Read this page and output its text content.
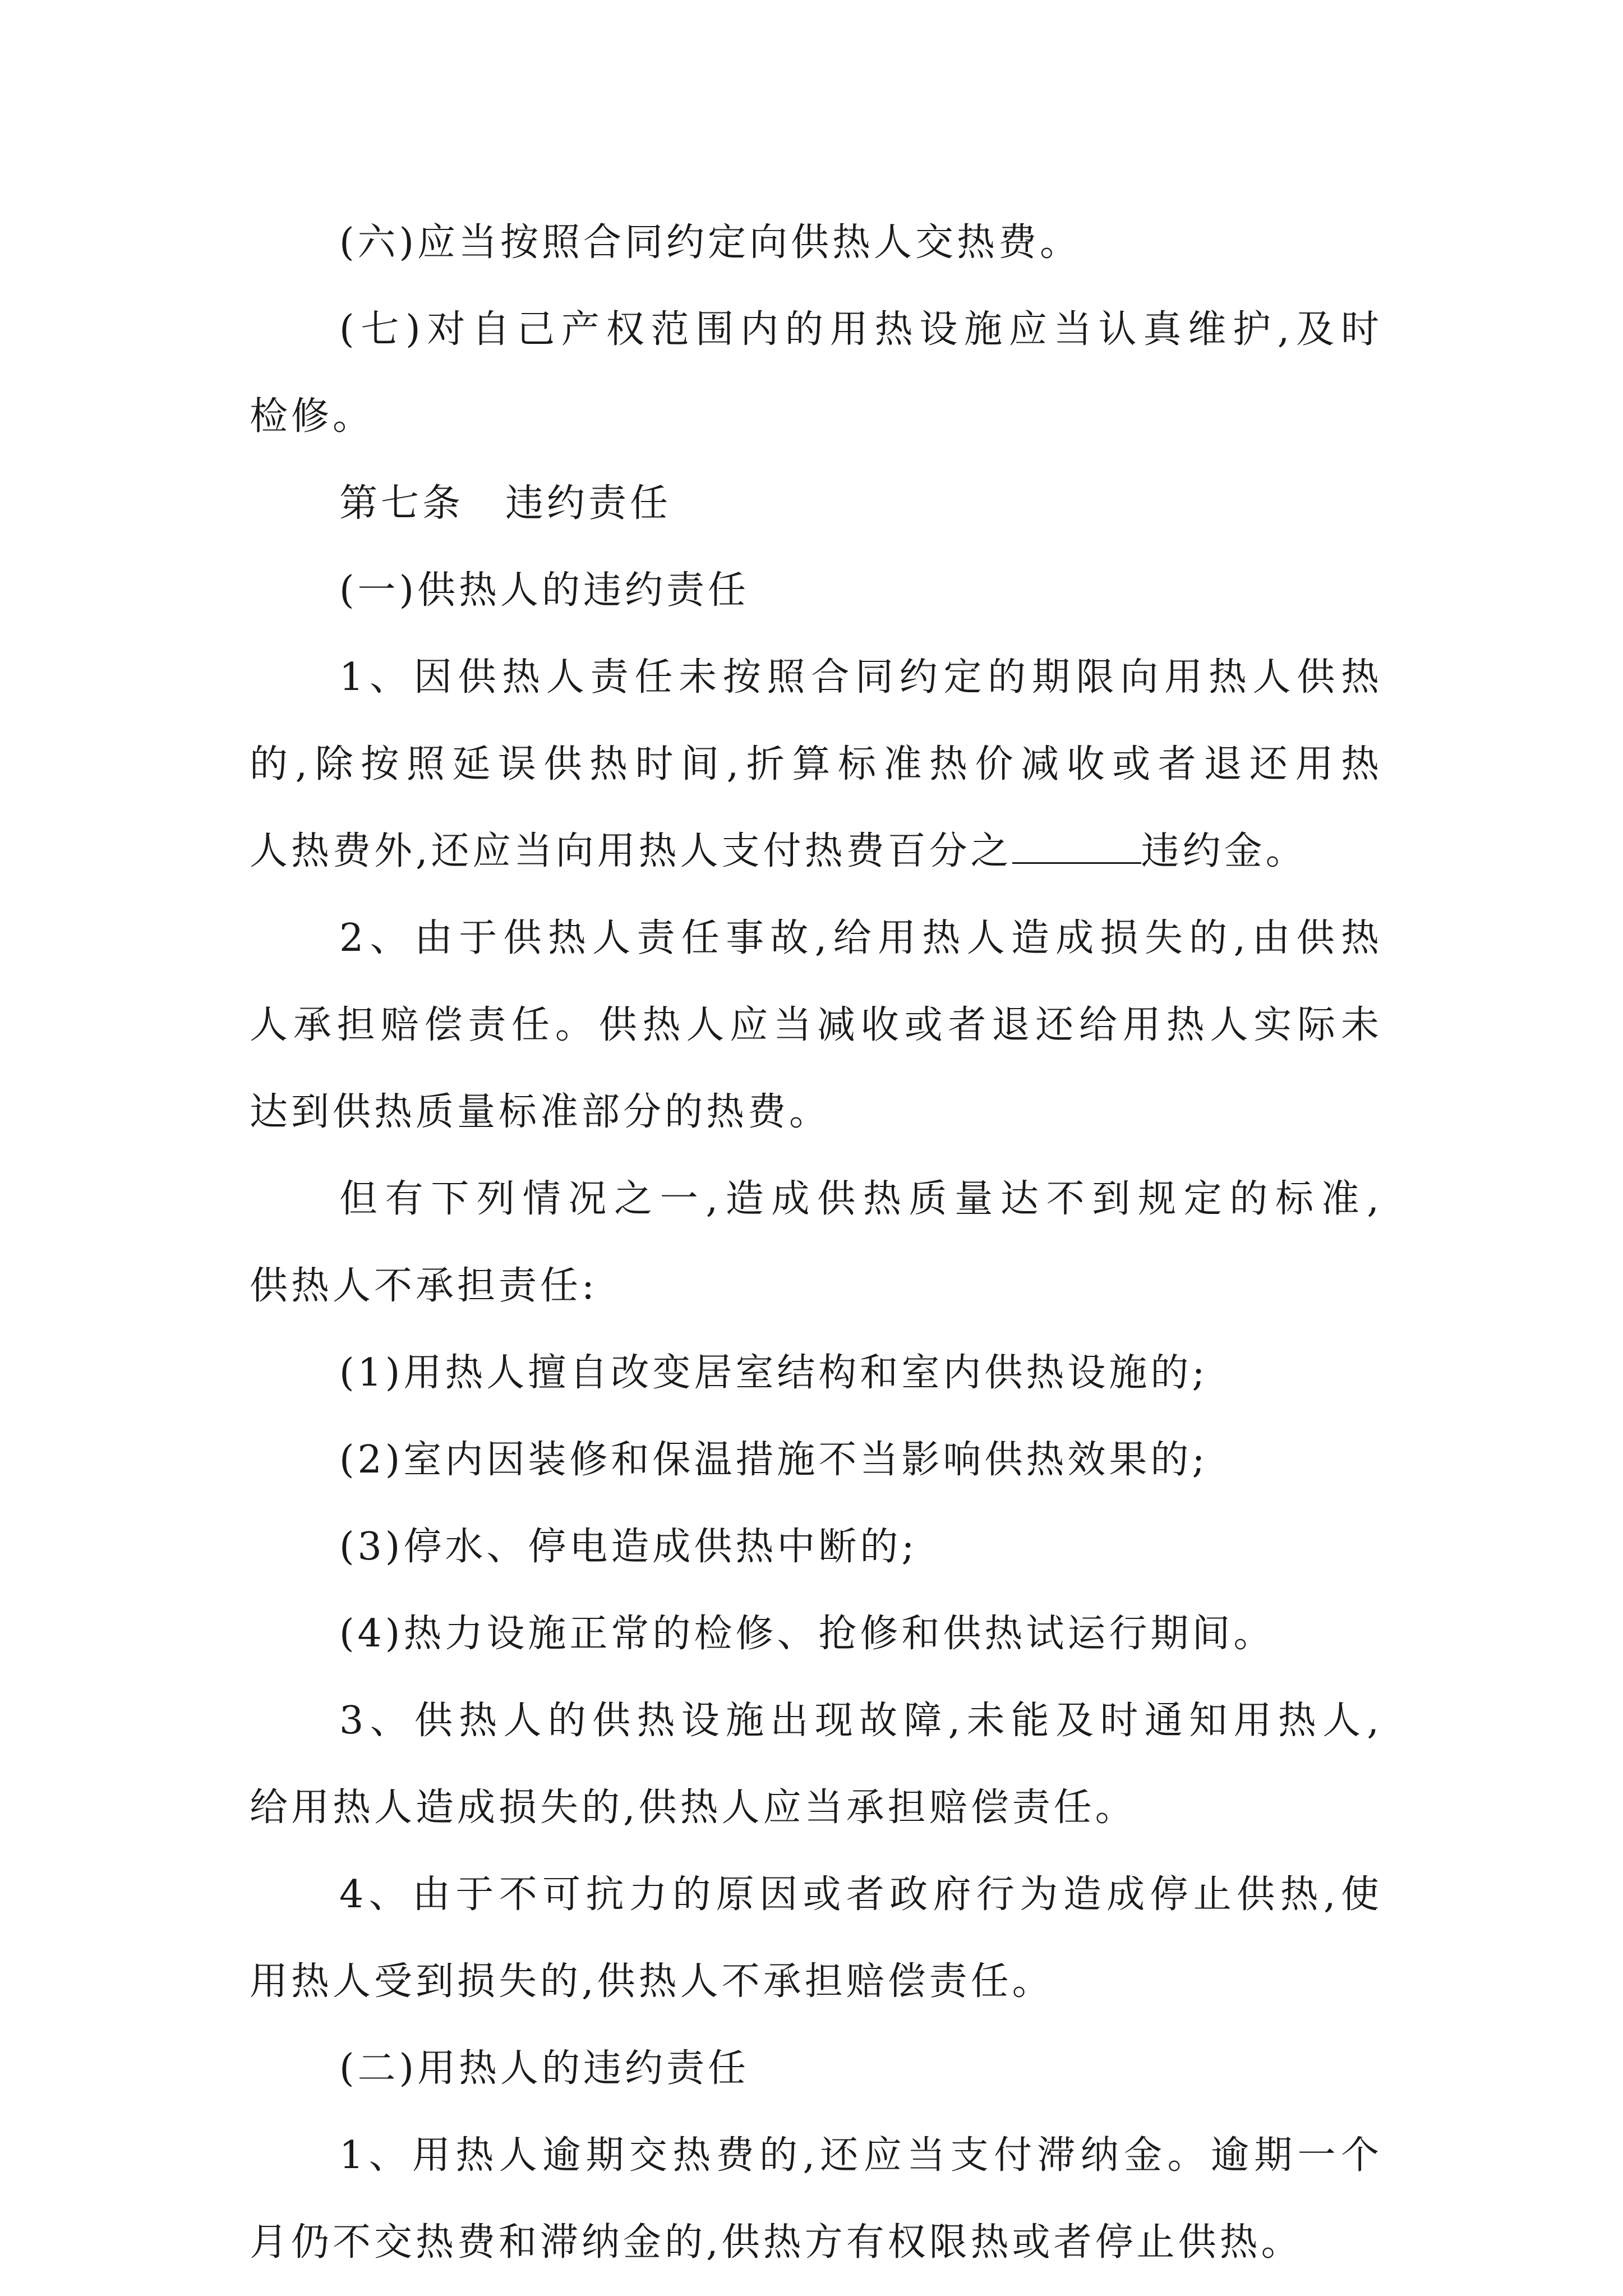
(六)应当按照合同约定向供热人交热费。
(七)对自己产权范围内的用热设施应当认真维护,及时
检修。
第七条　违约责任
(一)供热人的违约责任
1、因供热人责任未按照合同约定的期限向用热人供热
的,除按照延误供热时间,折算标准热价减收或者退还用热
人热费外,还应当向用热人支付热费百分之	违约金。
2、由于供热人责任事故,给用热人造成损失的,由供热
人承担赔偿责任。供热人应当减收或者退还给用热人实际未
达到供热质量标准部分的热费。
但有下列情况之一,造成供热质量达不到规定的标准,
供热人不承担责任:
(1)用热人擅自改变居室结构和室内供热设施的;
(2)室内因装修和保温措施不当影响供热效果的;
(3)停水、停电造成供热中断的;
(4)热力设施正常的检修、抢修和供热试运行期间。
3、供热人的供热设施出现故障,未能及时通知用热人,
给用热人造成损失的,供热人应当承担赔偿责任。
4、由于不可抗力的原因或者政府行为造成停止供热,使
用热人受到损失的,供热人不承担赔偿责任。
(二)用热人的违约责任
1、用热人逾期交热费的,还应当支付滞纳金。逾期一个
月仍不交热费和滞纳金的,供热方有权限热或者停止供热。
